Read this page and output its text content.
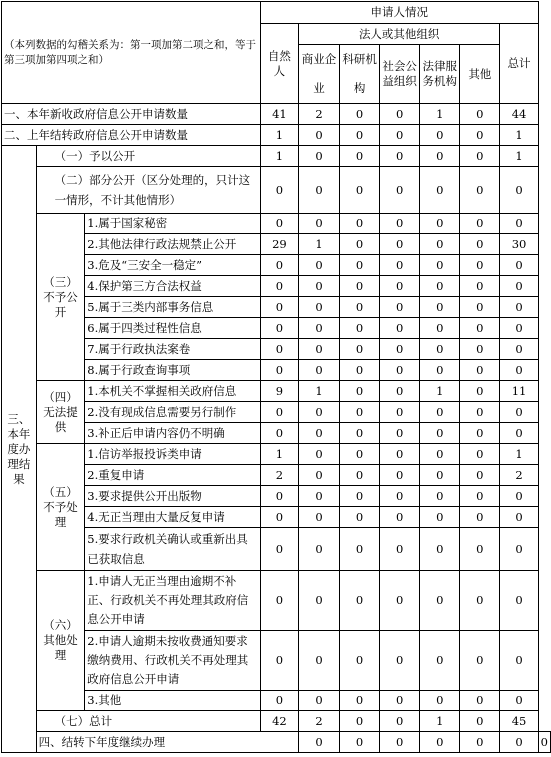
（本列数据的勾稽关系为：第一项加第二项之和，等于第三项加第四项之和）			申请人情况							
			自然人	法人或其他组织					总计	
				商业企业	科研机构	社会公益组织	法律服务机构	其他		

一、本年新收政府信息公开申请数量			41	2	0	0	1	0	44	
二、上年结转政府信息公开申请数量			1	0	0	0	0	0	1	
三、本年度办理结果	（一）予以公开		1	0	0	0	0	0	1	
	（二）部分公开（区分处理的，只计这一情形，不计其他情形）		0	0	0	0	0	0	0	
	（三）不予公开	1.属于国家秘密	0	0	0	0	0	0	0	
		2.其他法律行政法规禁止公开	29	1	0	0	0	0	30	
		3.危及“三安全一稳定”	0	0	0	0	0	0	0	
		4.保护第三方合法权益	0	0	0	0	0	0	0	
		5.属于三类内部事务信息	0	0	0	0	0	0	0	
		6.属于四类过程性信息	0	0	0	0	0	0	0	
		7.属于行政执法案卷	0	0	0	0	0	0	0	
		8.属于行政查询事项	0	0	0	0	0	0	0	
	（四）无法提供	1.本机关不掌握相关政府信息	9	1	0	0	1	0	11	
		2.没有现成信息需要另行制作	0	0	0	0	0	0	0	
		3.补正后申请内容仍不明确	0	0	0	0	0	0	0	
	（五）不予处理	1.信访举报投诉类申请	1	0	0	0	0	0	1	
		2.重复申请	2	0	0	0	0	0	2	
		3.要求提供公开出版物	0	0	0	0	0	0	0	
		4.无正当理由大量反复申请	0	0	0	0	0	0	0	
		5.要求行政机关确认或重新出具已获取信息	0	0	0	0	0	0	0	
	（六）其他处理	1.申请人无正当理由逾期不补正、行政机关不再处理其政府信息公开申请	0	0	0	0	0	0	0	
		2.申请人逾期未按收费通知要求缴纳费用、行政机关不再处理其政府信息公开申请	0	0	0	0	0	0	0	
		3.其他	0	0	0	0	0	0	0	
	（七）总计		42	2	0	0	1	0	45	
	四、结转下年度继续办理			0	0	0	0	0	0	0
